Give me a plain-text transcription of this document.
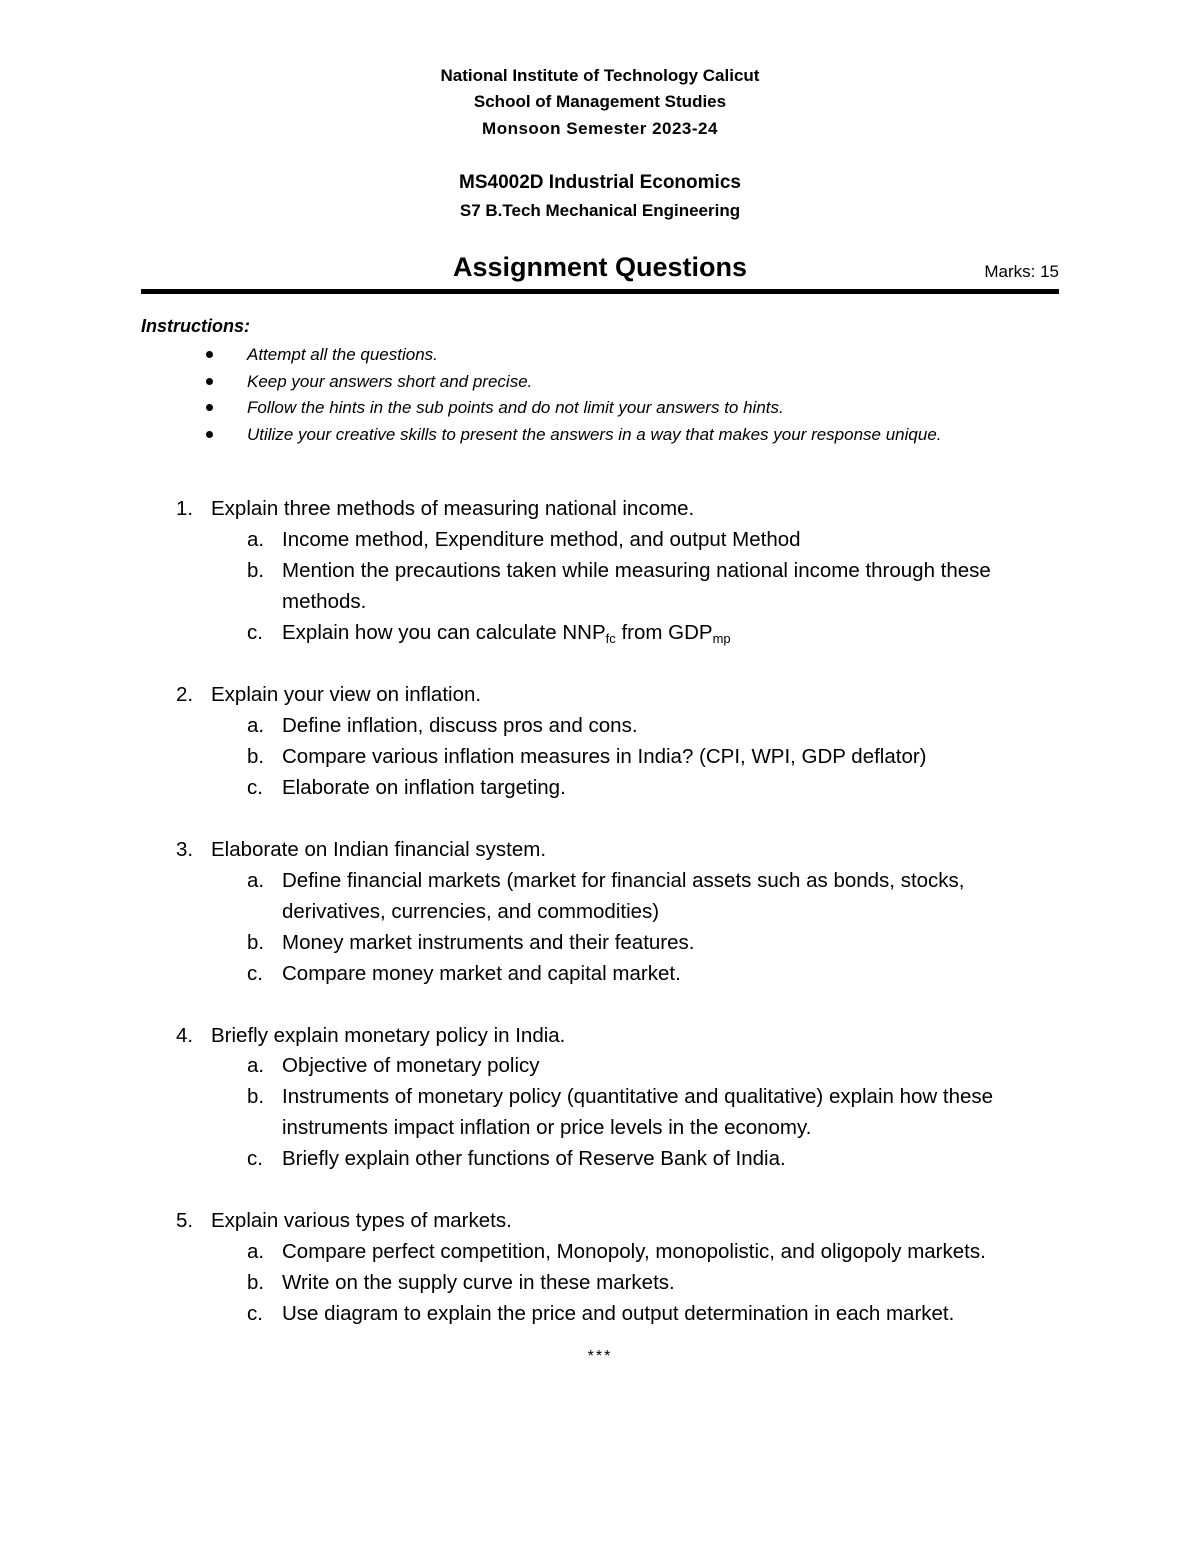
National Institute of Technology Calicut
School of Management Studies
Monsoon Semester 2023-24
MS4002D Industrial Economics
S7 B.Tech Mechanical Engineering
Assignment Questions	Marks: 15
Instructions:
Attempt all the questions.
Keep your answers short and precise.
Follow the hints in the sub points and do not limit your answers to hints.
Utilize your creative skills to present the answers in a way that makes your response unique.
1. Explain three methods of measuring national income.
a. Income method, Expenditure method, and output Method
b. Mention the precautions taken while measuring national income through these
methods.
c. Explain how you can calculate $NNP_{fc}$ from $GDP_{mp}$
2. Explain your view on inflation.
a. Define inflation, discuss pros and cons.
b. Compare various inflation measures in India? (CPI, WPI, GDP deflator)
c. Elaborate on inflation targeting.
3. Elaborate on Indian financial system.
a. Define financial markets (market for financial assets such as bonds, stocks,
derivatives, currencies, and commodities)
b. Money market instruments and their features.
c. Compare money market and capital market.
4. Briefly explain monetary policy in India.
a. Objective of monetary policy
b. Instruments of monetary policy (quantitative and qualitative) explain how these
instruments impact inflation or price levels in the economy.
c. Briefly explain other functions of Reserve Bank of India.
5. Explain various types of markets.
a. Compare perfect competition, Monopoly, monopolistic, and oligopoly markets.
b. Write on the supply curve in these markets.
c. Use diagram to explain the price and output determination in each market.
***
